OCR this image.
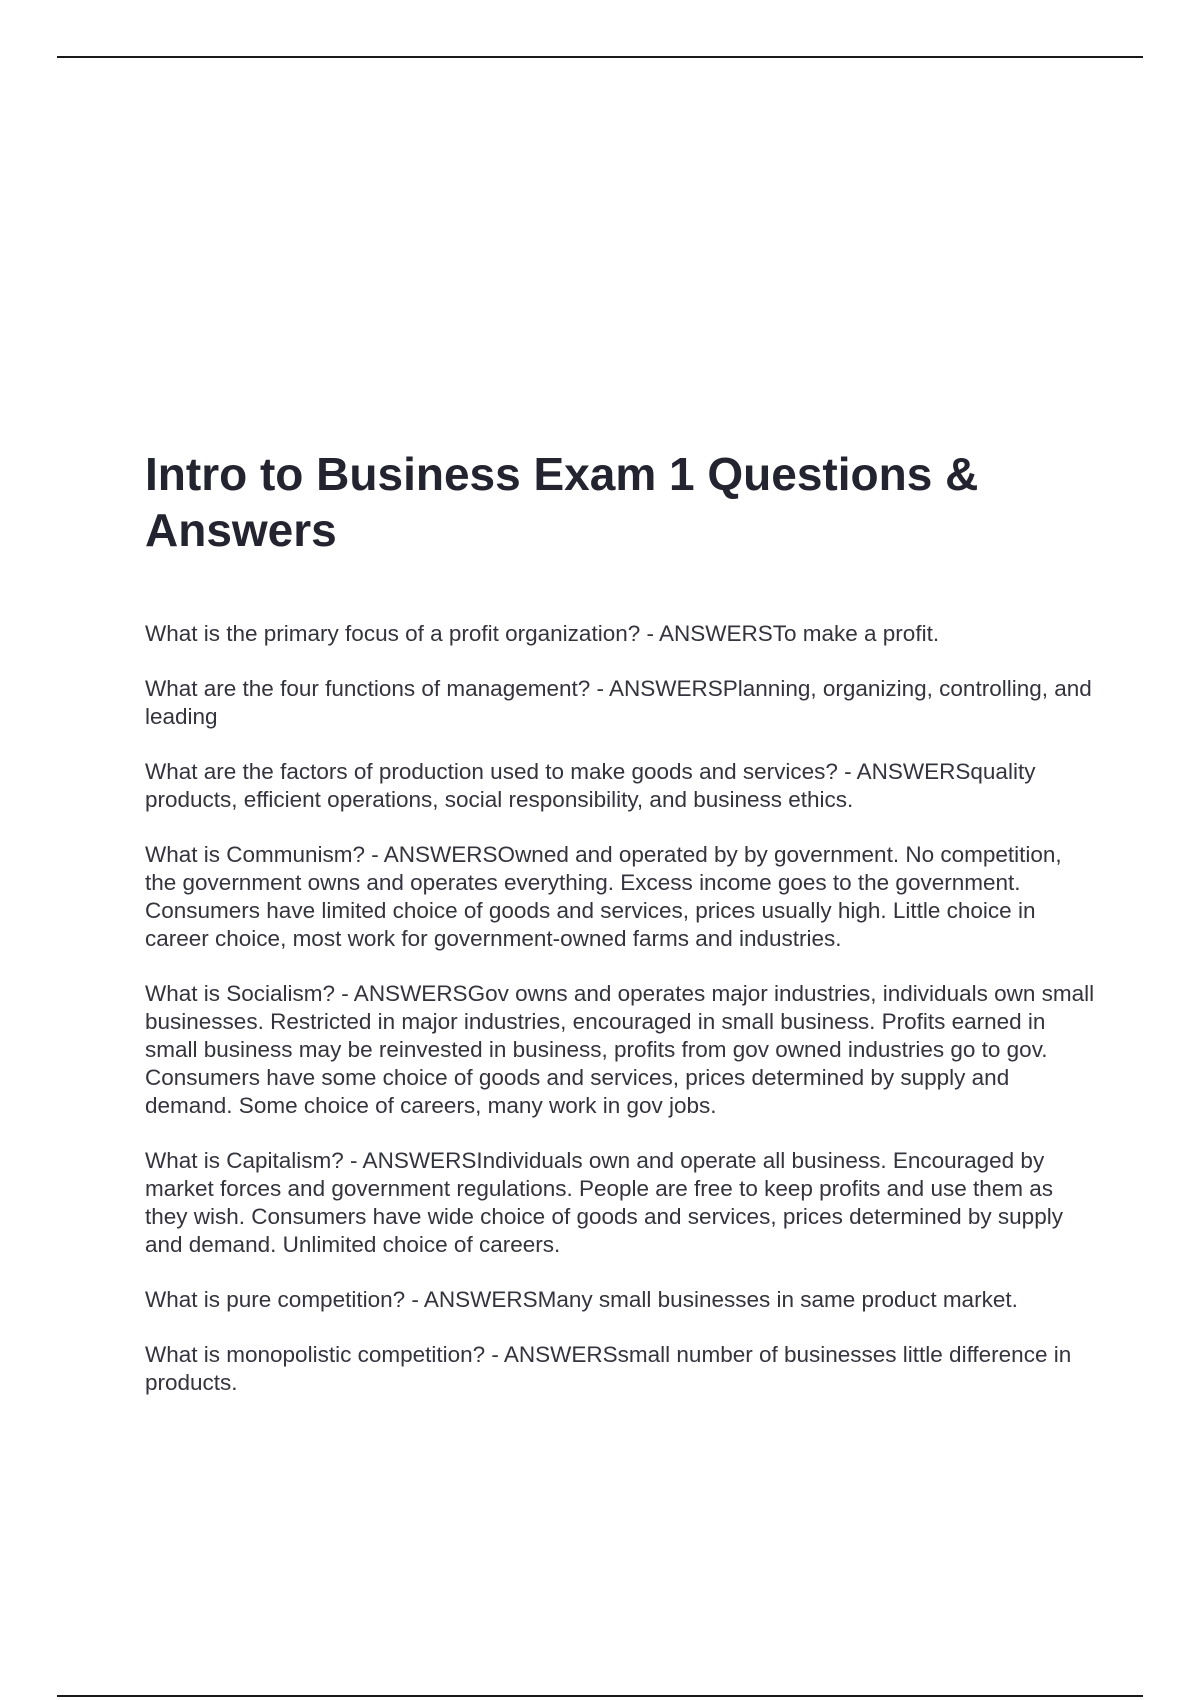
Intro to Business Exam 1 Questions & Answers

What is the primary focus of a profit organization? - ANSWERSTo make a profit.

What are the four functions of management? - ANSWERSPlanning, organizing, controlling, and leading

What are the factors of production used to make goods and services? - ANSWERSquality products, efficient operations, social responsibility, and business ethics.

What is Communism? - ANSWERSOwned and operated by by government. No competition, the government owns and operates everything. Excess income goes to the government. Consumers have limited choice of goods and services, prices usually high. Little choice in career choice, most work for government-owned farms and industries.

What is Socialism? - ANSWERSGov owns and operates major industries, individuals own small businesses. Restricted in major industries, encouraged in small business. Profits earned in small business may be reinvested in business, profits from gov owned industries go to gov. Consumers have some choice of goods and services, prices determined by supply and demand. Some choice of careers, many work in gov jobs.

What is Capitalism? - ANSWERSIndividuals own and operate all business. Encouraged by market forces and government regulations. People are free to keep profits and use them as they wish. Consumers have wide choice of goods and services, prices determined by supply and demand. Unlimited choice of careers.

What is pure competition? - ANSWERSMany small businesses in same product market.

What is monopolistic competition? - ANSWERSsmall number of businesses little difference in products.
